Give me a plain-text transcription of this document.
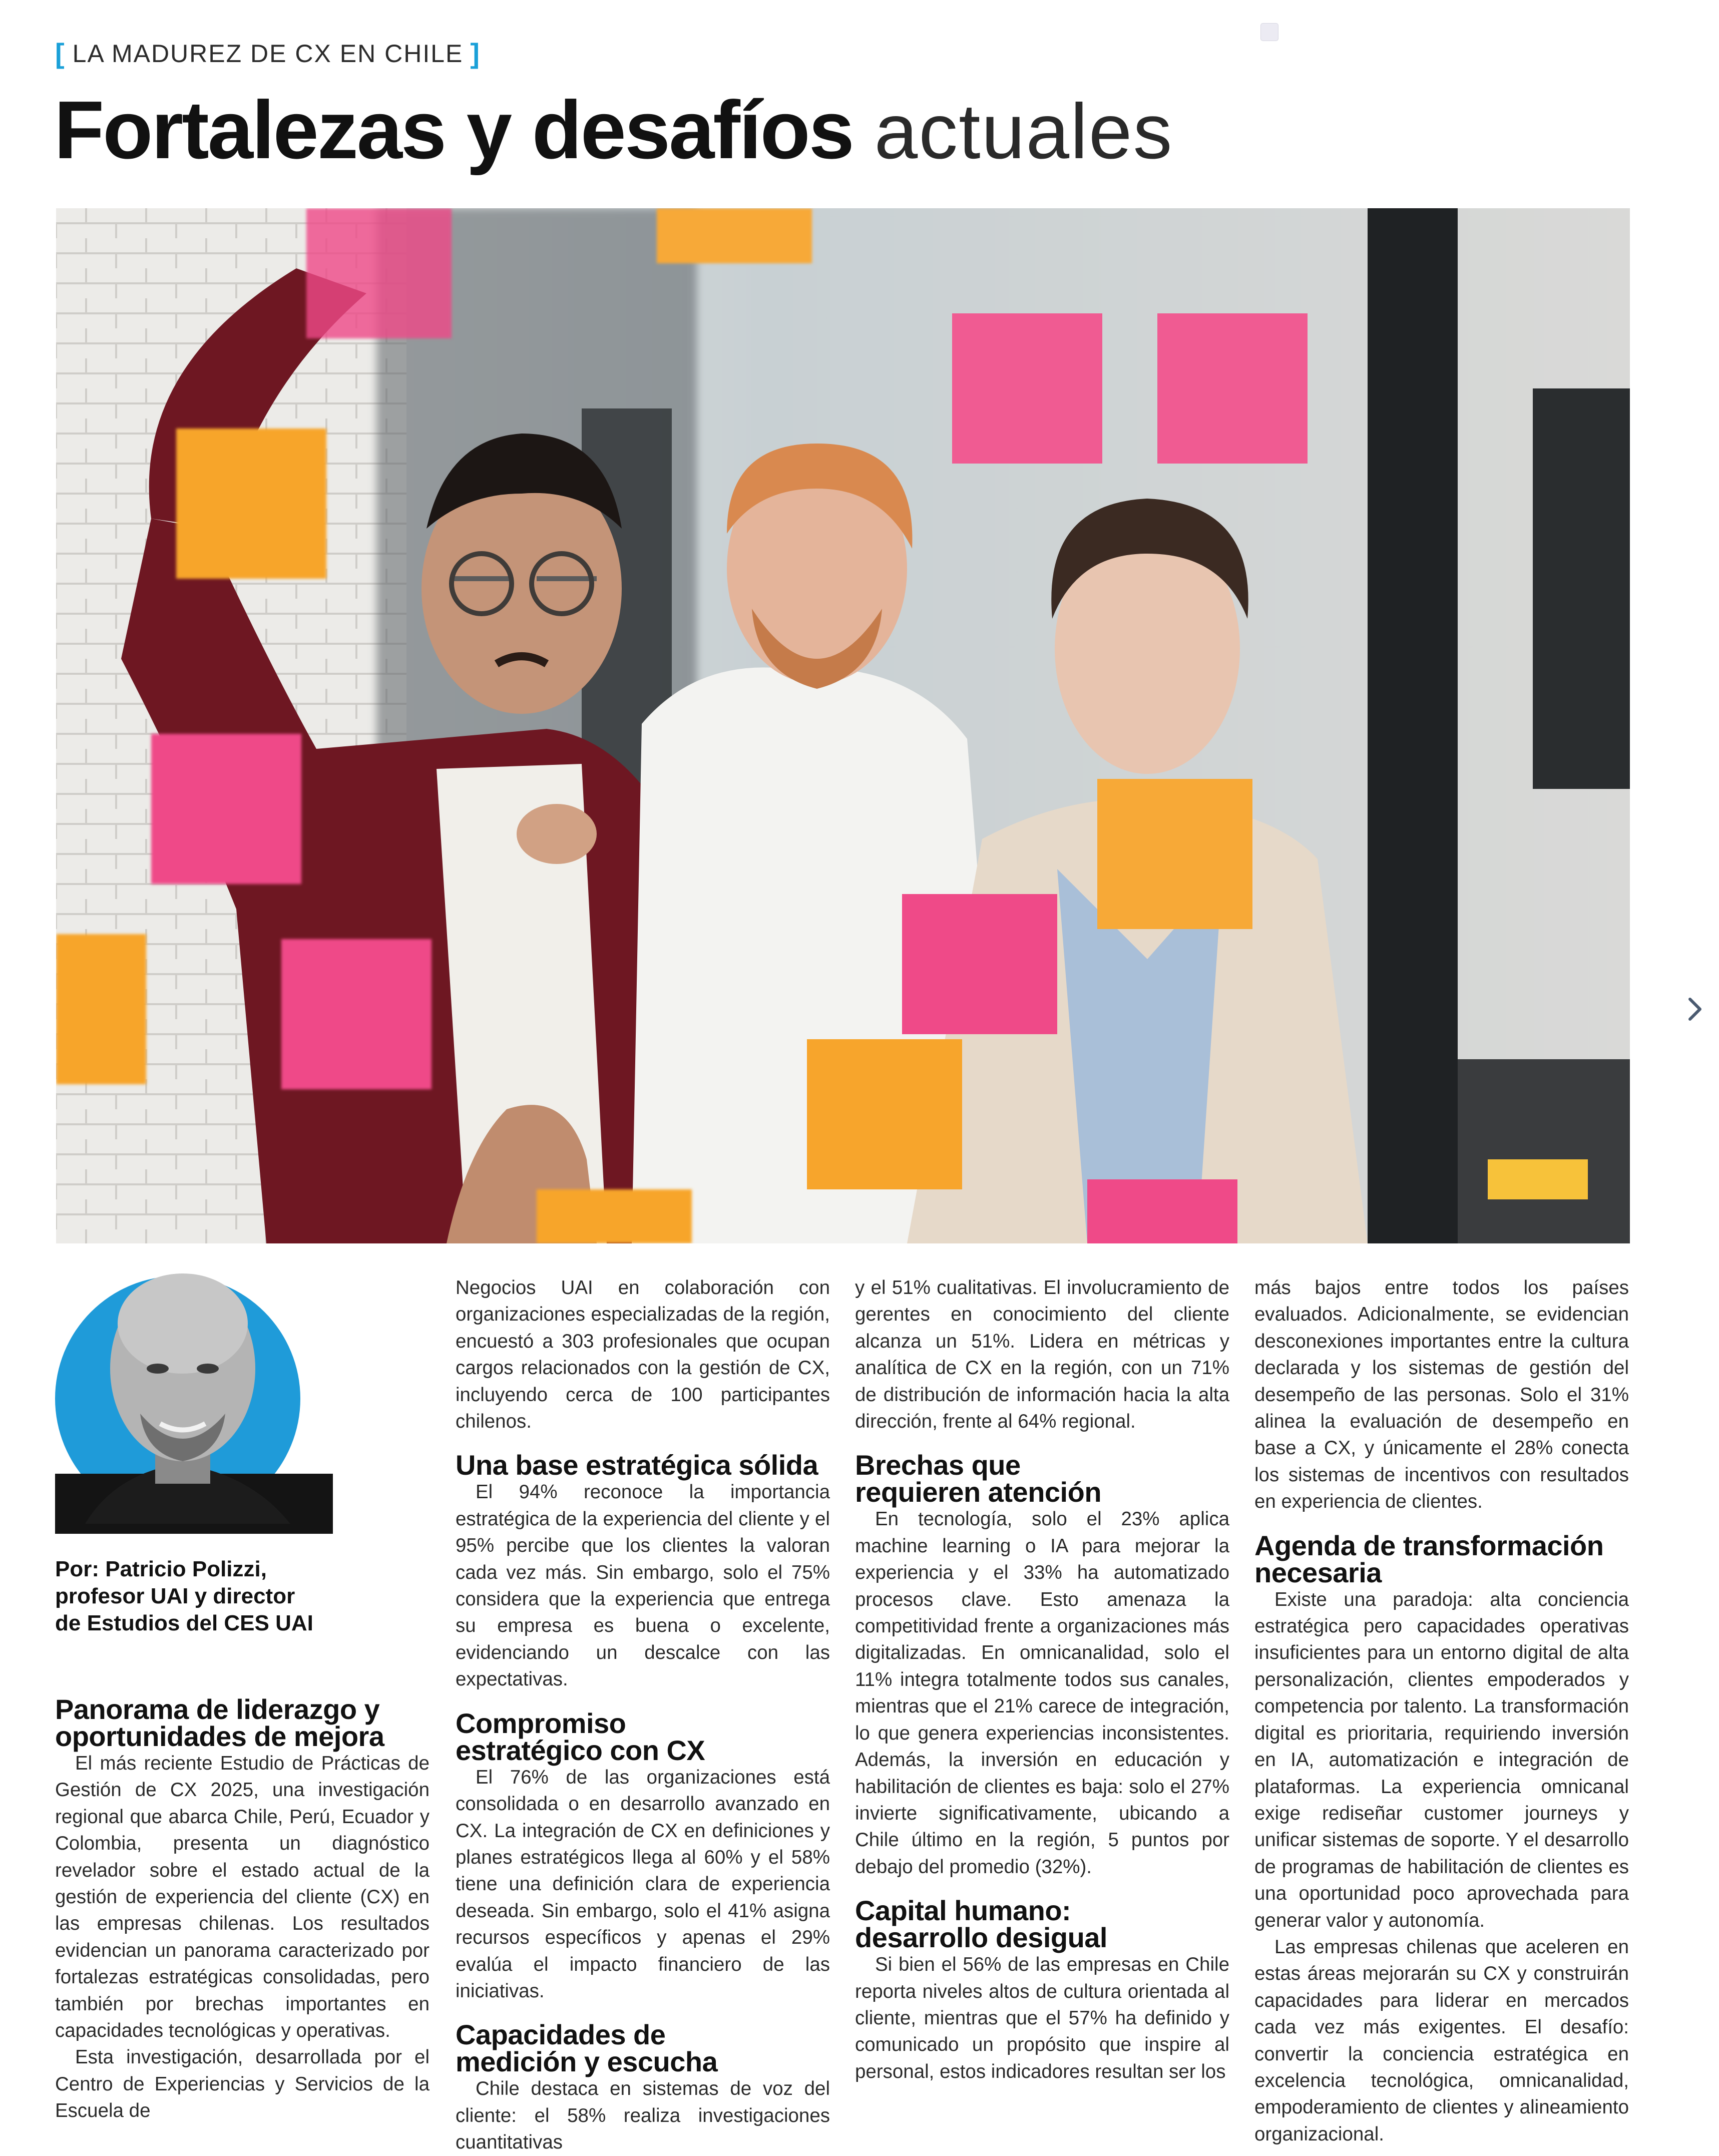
[ LA MADUREZ DE CX EN CHILE ]
Fortalezas y desafíos actuales
Por: Patricio Polizzi,
profesor UAI y director
de Estudios del CES UAI
Panorama de liderazgo y
oportunidades de mejora

El más reciente Estudio de Prácticas de Gestión de CX 2025, una investigación regional que abarca Chile, Perú, Ecuador y Colombia, presenta un diagnóstico revelador sobre el estado actual de la gestión de experiencia del cliente (CX) en las empresas chilenas. Los resultados evidencian un panorama caracterizado por fortalezas estratégicas consolidadas, pero también por brechas importantes en capacidades tecnológicas y operativas.

Esta investigación, desarrollada por el Centro de Experiencias y Servicios de la Escuela de

Negocios UAI en colaboración con organizaciones especializadas de la región, encuestó a 303 profesionales que ocupan cargos relacionados con la gestión de CX, incluyendo cerca de 100 participantes chilenos.

Una base estratégica sólida

El 94% reconoce la importancia estratégica de la experiencia del cliente y el 95% percibe que los clientes la valoran cada vez más. Sin embargo, solo el 75% considera que la experiencia que entrega su empresa es buena o excelente, evidenciando un descalce con las expectativas.

Compromiso
estratégico con CX

El 76% de las organizaciones está consolidada o en desarrollo avanzado en CX. La integración de CX en definiciones y planes estratégicos llega al 60% y el 58% tiene una definición clara de experiencia deseada. Sin embargo, solo el 41% asigna recursos específicos y apenas el 29% evalúa el impacto financiero de las iniciativas.

Capacidades de
medición y escucha

Chile destaca en sistemas de voz del cliente: el 58% realiza investigaciones cuantitativas

y el 51% cualitativas. El involucramiento de gerentes en conocimiento del cliente alcanza un 51%. Lidera en métricas y analítica de CX en la región, con un 71% de distribución de información hacia la alta dirección, frente al 64% regional.

Brechas que
requieren atención

En tecnología, solo el 23% aplica machine learning o IA para mejorar la experiencia y el 33% ha automatizado procesos clave. Esto amenaza la competitividad frente a organizaciones más digitalizadas. En omnicanalidad, solo el 11% integra totalmente todos sus canales, mientras que el 21% carece de integración, lo que genera experiencias inconsistentes. Además, la inversión en educación y habilitación de clientes es baja: solo el 27% invierte significativamente, ubicando a Chile último en la región, 5 puntos por debajo del promedio (32%).

Capital humano:
desarrollo desigual

Si bien el 56% de las empresas en Chile reporta niveles altos de cultura orientada al cliente, mientras que el 57% ha definido y comunicado un propósito que inspire al personal, estos indicadores resultan ser los

más bajos entre todos los países evaluados. Adicionalmente, se evidencian desconexiones importantes entre la cultura declarada y los sistemas de gestión del desempeño de las personas. Solo el 31% alinea la evaluación de desempeño en base a CX, y únicamente el 28% conecta los sistemas de incentivos con resultados en experiencia de clientes.

Agenda de transformación
necesaria

Existe una paradoja: alta conciencia estratégica pero capacidades operativas insuficientes para un entorno digital de alta personalización, clientes empoderados y competencia por talento. La transformación digital es prioritaria, requiriendo inversión en IA, automatización e integración de plataformas. La experiencia omnicanal exige rediseñar customer journeys y unificar sistemas de soporte. Y el desarrollo de programas de habilitación de clientes es una oportunidad poco aprovechada para generar valor y autonomía.

Las empresas chilenas que aceleren en estas áreas mejorarán su CX y construirán capacidades para liderar en mercados cada vez más exigentes. El desafío: convertir la conciencia estratégica en excelencia tecnológica, omnicanalidad, empoderamiento de clientes y alineamiento organizacional.
